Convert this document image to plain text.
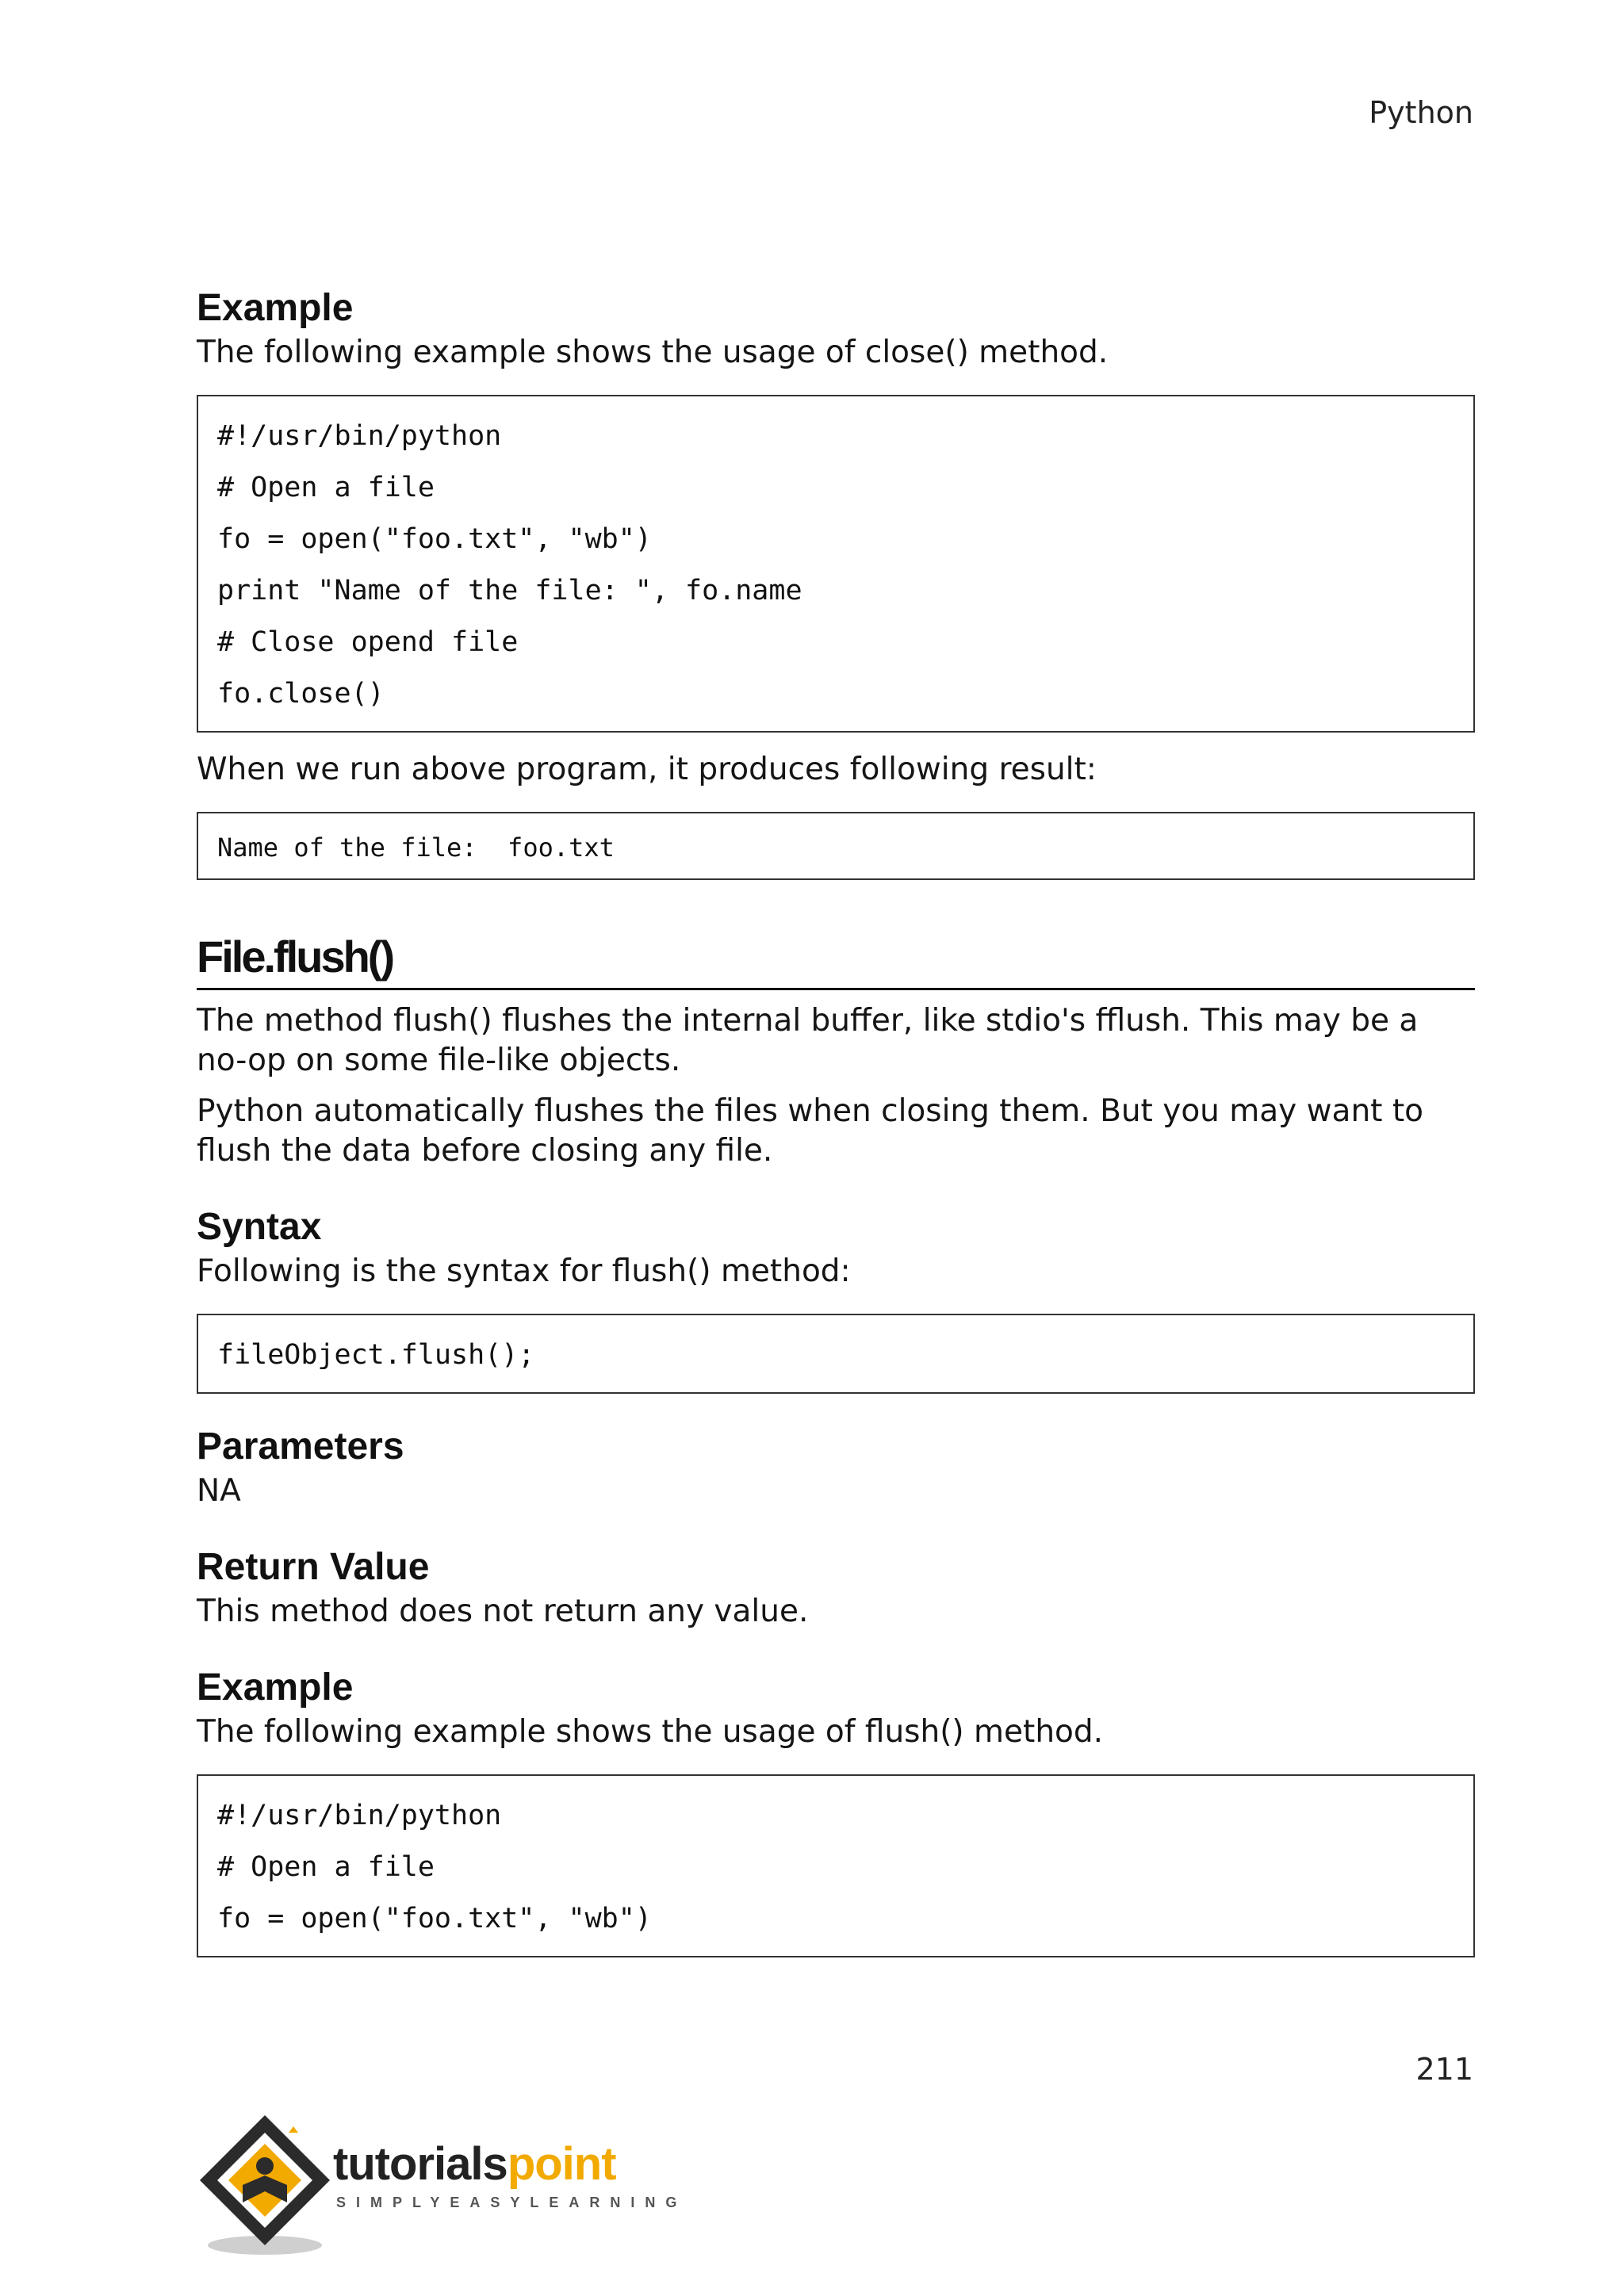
Python
Example

The following example shows the usage of close() method.

#!/usr/bin/python
# Open a file
fo = open("foo.txt", "wb")
print "Name of the file: ", fo.name
# Close opend file
fo.close()

When we run above program, it produces following result:

Name of the file:  foo.txt
File.flush()

The method flush() flushes the internal buffer, like stdio's fflush. This may be a no-op on some file-like objects.

Python automatically flushes the files when closing them. But you may want to flush the data before closing any file.

Syntax

Following is the syntax for flush() method:

fileObject.flush();
Parameters

NA

Return Value

This method does not return any value.

Example

The following example shows the usage of flush() method.

#!/usr/bin/python
# Open a file
fo = open("foo.txt", "wb")
211
tutorialspoint
SIMPLYEASYLEARNING
